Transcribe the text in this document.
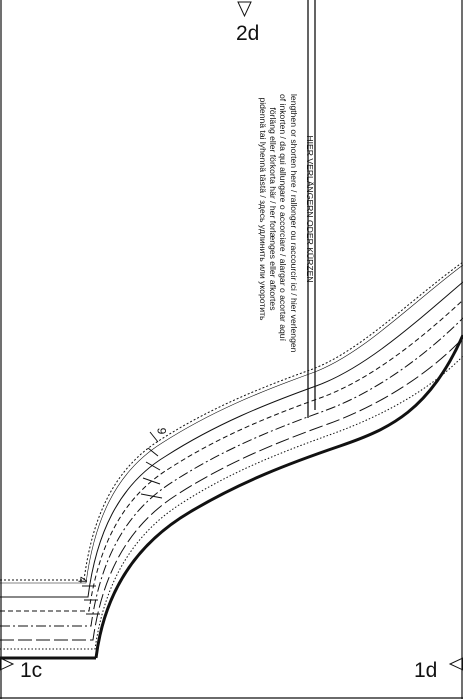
2d
1c	1d
9
4
HIER VERLÄNGERN ODER KÜRZEN
lengthen or shorten here / rallonger ou raccourcir ici / hier verlengen
of inkorten / da qui allungare o accorciare / alargar o acortar aquí
förläng eller förkorta här / her forlænges eller afkortes
pidennä tai lyhennä tästä / здесь удлинить или укоротить
